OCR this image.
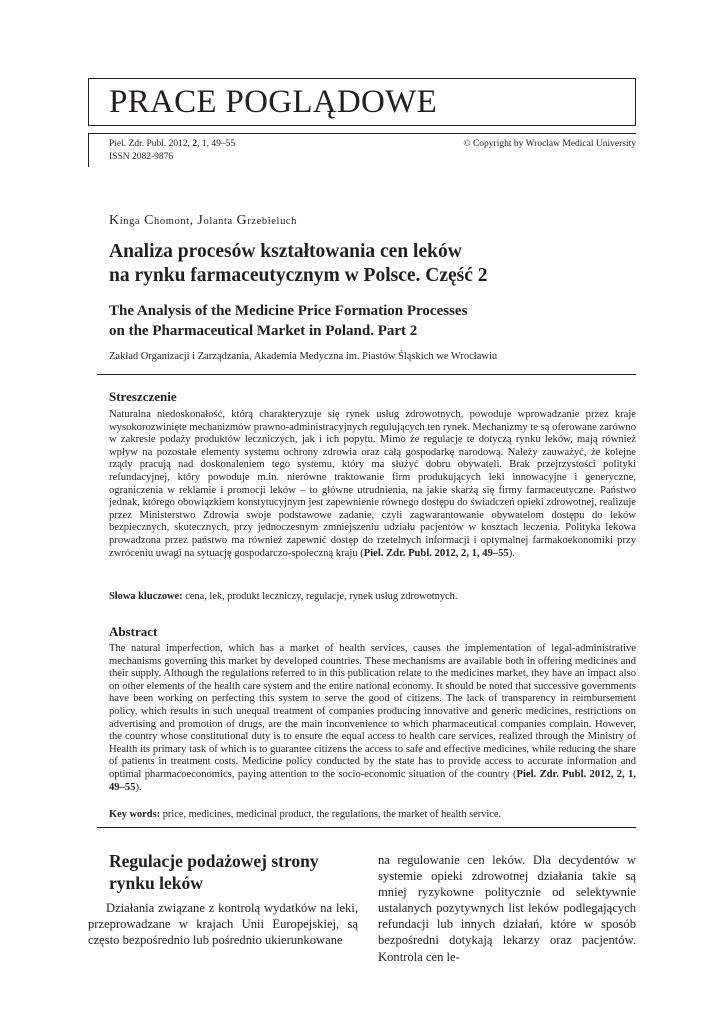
PRACE POGLĄDOWE
Piel. Zdr. Publ. 2012, 2, 1, 49–55
ISSN 2082-9876
© Copyright by Wroclaw Medical University
Kinga Chomont, Jolanta Grzebieluch
Analiza procesów kształtowania cen leków
na rynku farmaceutycznym w Polsce. Część 2
The Analysis of the Medicine Price Formation Processes
on the Pharmaceutical Market in Poland. Part 2
Zakład Organizacji i Zarządzania, Akademia Medyczna im. Piastów Śląskich we Wrocławiu
Streszczenie
Naturalna niedoskonałość, którą charakteryzuje się rynek usług zdrowotnych, powoduje wprowadzanie przez kraje wysokorozwinięte mechanizmów prawno-administracyjnych regulujących ten rynek. Mechanizmy te są oferowane zarówno w zakresie podaży produktów leczniczych, jak i ich popytu. Mimo że regulacje te dotyczą rynku leków, mają również wpływ na pozostałe elementy systemu ochrony zdrowia oraz całą gospodarkę narodową. Należy zauważyć, że kolejne rządy pracują nad doskonaleniem tego systemu, który ma służyć dobru obywateli. Brak przejrzystości polityki refundacyjnej, który powoduje m.in. nierówne traktowanie firm produkujących leki innowacyjne i generyczne, ograniczenia w reklamie i promocji leków – to główne utrudnienia, na jakie skarżą się firmy farmaceutyczne. Państwo jednak, którego obowiązkiem konstytucyjnym jest zapewnienie równego dostępu do świadczeń opieki zdrowotnej, realizuje przez Ministerstwo Zdrowia swoje podstawowe zadanie, czyli zagwarantowanie obywatelom dostępu do leków bezpiecznych, skutecznych, przy jednoczesnym zmniejszeniu udziału pacjentów w kosztach leczenia. Polityka lekowa prowadzona przez państwo ma również zapewnić dostęp do rzetelnych informacji i optymalnej farmakoekonomiki przy zwróceniu uwagi na sytuację gospodarczo-społeczną kraju (Piel. Zdr. Publ. 2012, 2, 1, 49–55).
Słowa kluczowe: cena, lek, produkt leczniczy, regulacje, rynek usług zdrowotnych.
Abstract
The natural imperfection, which has a market of health services, causes the implementation of legal-administrative mechanisms governing this market by developed countries. These mechanisms are available both in offering medicines and their supply. Although the regulations referred to in this publication relate to the medicines market, they have an impact also on other elements of the health care system and the entire national economy. It should be noted that successive governments have been working on perfecting this system to serve the good of citizens. The lack of transparency in reimbursement policy, which results in such unequal treatment of companies producing innovative and generic medicines, restrictions on advertising and promotion of drugs, are the main inconvenience to which pharmaceutical companies complain. However, the country whose constitutional duty is to ensure the equal access to health care services, realized through the Ministry of Health its primary task of which is to guarantee citizens the access to safe and effective medicines, while reducing the share of patients in treatment costs. Medicine policy conducted by the state has to provide access to accurate information and optimal pharmacoeconomics, paying attention to the socio-economic situation of the country (Piel. Zdr. Publ. 2012, 2, 1, 49–55).
Key words: price, medicines, medicinal product, the regulations, the market of health service.
Regulacje podażowej strony
rynku leków
Działania związane z kontrolą wydatków na leki, przeprowadzane w krajach Unii Europejskiej, są często bezpośrednio lub pośrednio ukierunkowane
na regulowanie cen leków. Dla decydentów w systemie opieki zdrowotnej działania takie są mniej ryzykowne politycznie od selektywnie ustalanych pozytywnych list leków podlegających refundacji lub innych działań, które w sposób bezpośredni dotykają lekarzy oraz pacjentów. Kontrola cen le-
